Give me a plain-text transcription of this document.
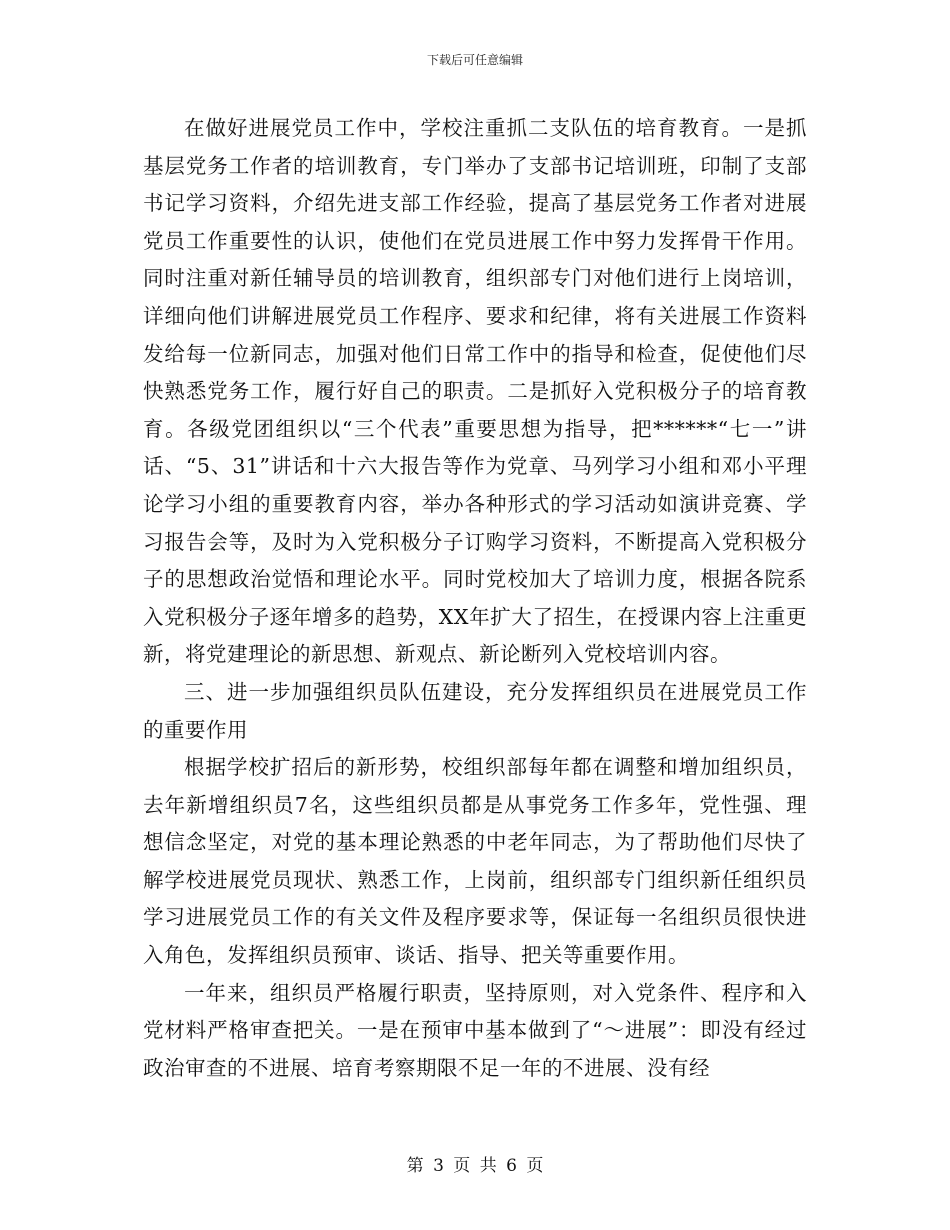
下载后可任意编辑

在做好进展党员工作中，学校注重抓二支队伍的培育教育。一是抓基层党务工作者的培训教育，专门举办了支部书记培训班，印制了支部书记学习资料，介绍先进支部工作经验，提高了基层党务工作者对进展党员工作重要性的认识，使他们在党员进展工作中努力发挥骨干作用。同时注重对新任辅导员的培训教育，组织部专门对他们进行上岗培训，详细向他们讲解进展党员工作程序、要求和纪律，将有关进展工作资料发给每一位新同志，加强对他们日常工作中的指导和检查，促使他们尽快熟悉党务工作，履行好自己的职责。二是抓好入党积极分子的培育教育。各级党团组织以“三个代表”重要思想为指导，把******“七一”讲话、“5、31”讲话和十六大报告等作为党章、马列学习小组和邓小平理论学习小组的重要教育内容，举办各种形式的学习活动如演讲竞赛、学习报告会等，及时为入党积极分子订购学习资料，不断提高入党积极分子的思想政治觉悟和理论水平。同时党校加大了培训力度，根据各院系入党积极分子逐年增多的趋势，XX年扩大了招生，在授课内容上注重更新，将党建理论的新思想、新观点、新论断列入党校培训内容。

三、进一步加强组织员队伍建设，充分发挥组织员在进展党员工作的重要作用

根据学校扩招后的新形势，校组织部每年都在调整和增加组织员，去年新增组织员7名，这些组织员都是从事党务工作多年，党性强、理想信念坚定，对党的基本理论熟悉的中老年同志，为了帮助他们尽快了解学校进展党员现状、熟悉工作，上岗前，组织部专门组织新任组织员学习进展党员工作的有关文件及程序要求等，保证每一名组织员很快进入角色，发挥组织员预审、谈话、指导、把关等重要作用。

一年来，组织员严格履行职责，坚持原则，对入党条件、程序和入党材料严格审查把关。一是在预审中基本做到了“～进展”：即没有经过政治审查的不进展、培育考察期限不足一年的不进展、没有经

第 3 页 共 6 页
